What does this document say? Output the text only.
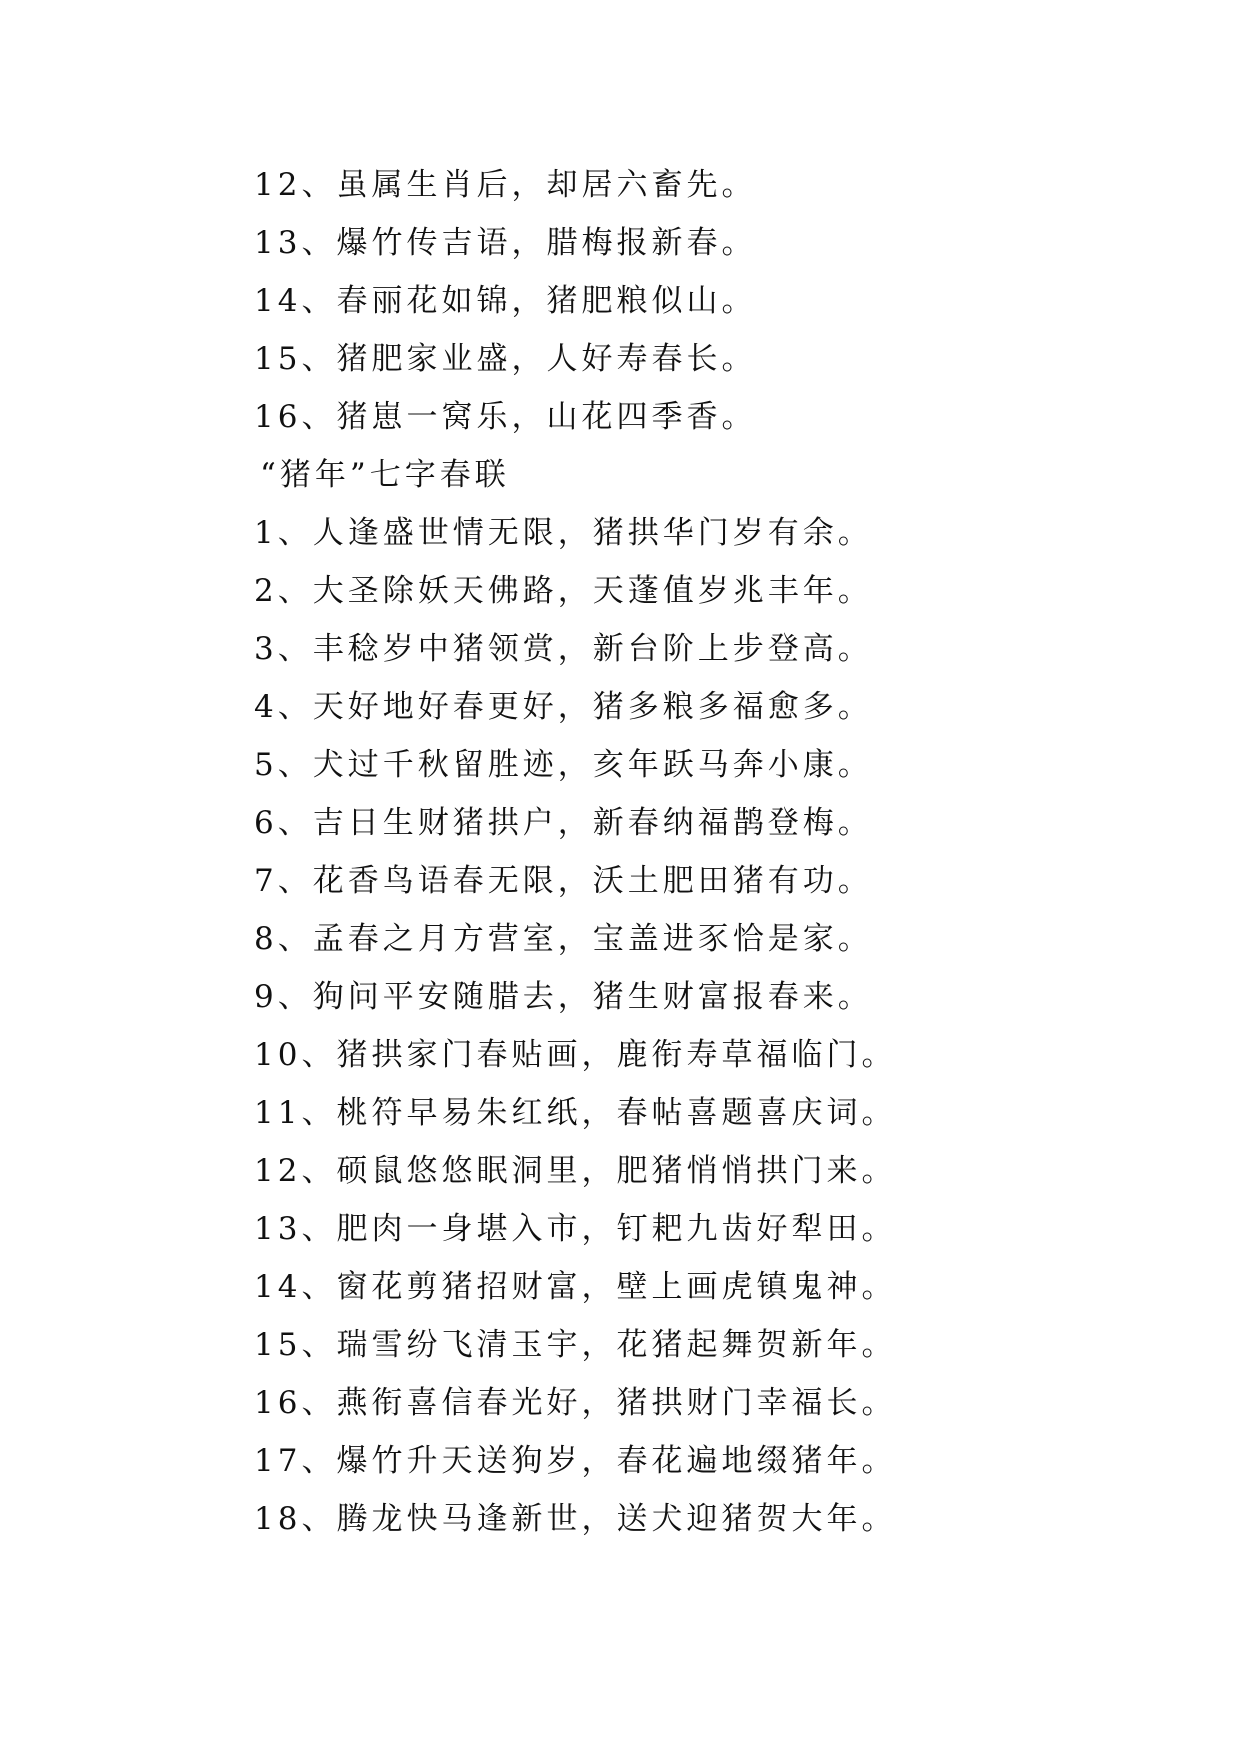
12、虽属生肖后，却居六畜先。
13、爆竹传吉语，腊梅报新春。
14、春丽花如锦，猪肥粮似山。
15、猪肥家业盛，人好寿春长。
16、猪崽一窝乐，山花四季香。
“猪年”七字春联
1、人逢盛世情无限，猪拱华门岁有余。
2、大圣除妖天佛路，天蓬值岁兆丰年。
3、丰稔岁中猪领赏，新台阶上步登高。
4、天好地好春更好，猪多粮多福愈多。
5、犬过千秋留胜迹，亥年跃马奔小康。
6、吉日生财猪拱户，新春纳福鹊登梅。
7、花香鸟语春无限，沃土肥田猪有功。
8、孟春之月方营室，宝盖进豕恰是家。
9、狗问平安随腊去，猪生财富报春来。
10、猪拱家门春贴画，鹿衔寿草福临门。
11、桃符早易朱红纸，春帖喜题喜庆词。
12、硕鼠悠悠眠洞里，肥猪悄悄拱门来。
13、肥肉一身堪入市，钉耙九齿好犁田。
14、窗花剪猪招财富，壁上画虎镇鬼神。
15、瑞雪纷飞清玉宇，花猪起舞贺新年。
16、燕衔喜信春光好，猪拱财门幸福长。
17、爆竹升天送狗岁，春花遍地缀猪年。
18、腾龙快马逢新世，送犬迎猪贺大年。
